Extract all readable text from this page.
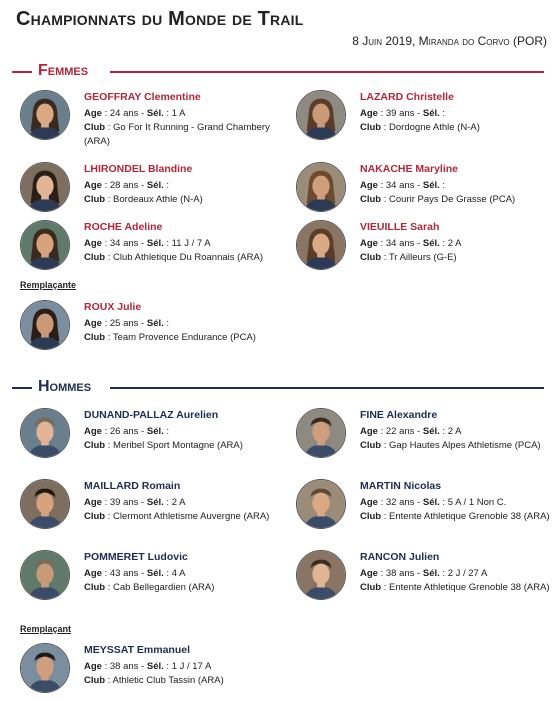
Championnats du Monde de Trail
8 Juin 2019, Miranda do Corvo (POR)
Femmes
Hommes
Remplaçante
Remplaçant
GEOFFRAY Clementine
Age : 24 ans - Sél. : 1 A
Club : Go For It Running - Grand Chambery (ARA)
LAZARD Christelle
Age : 39 ans - Sél. :
Club : Dordogne Athle (N-A)
LHIRONDEL Blandine
Age : 28 ans - Sél. :
Club : Bordeaux Athle (N-A)
NAKACHE Maryline
Age : 34 ans - Sél. :
Club : Courir Pays De Grasse (PCA)
ROCHE Adeline
Age : 34 ans - Sél. : 11 J / 7 A
Club : Club Athletique Du Roannais (ARA)
VIEUILLE Sarah
Age : 34 ans - Sél. : 2 A
Club : Tr Ailleurs (G-E)
ROUX Julie
Age : 25 ans - Sél. :
Club : Team Provence Endurance (PCA)
DUNAND-PALLAZ Aurelien
Age : 26 ans - Sél. :
Club : Meribel Sport Montagne (ARA)
FINE Alexandre
Age : 22 ans - Sél. : 2 A
Club : Gap Hautes Alpes Athletisme (PCA)
MAILLARD Romain
Age : 39 ans - Sél. : 2 A
Club : Clermont Athletisme Auvergne (ARA)
MARTIN Nicolas
Age : 32 ans - Sél. : 5 A / 1 Non C.
Club : Entente Athletique Grenoble 38 (ARA)
POMMERET Ludovic
Age : 43 ans - Sél. : 4 A
Club : Cab Bellegardien (ARA)
RANCON Julien
Age : 38 ans - Sél. : 2 J / 27 A
Club : Entente Athletique Grenoble 38 (ARA)
MEYSSAT Emmanuel
Age : 38 ans - Sél. : 1 J / 17 A
Club : Athletic Club Tassin (ARA)
